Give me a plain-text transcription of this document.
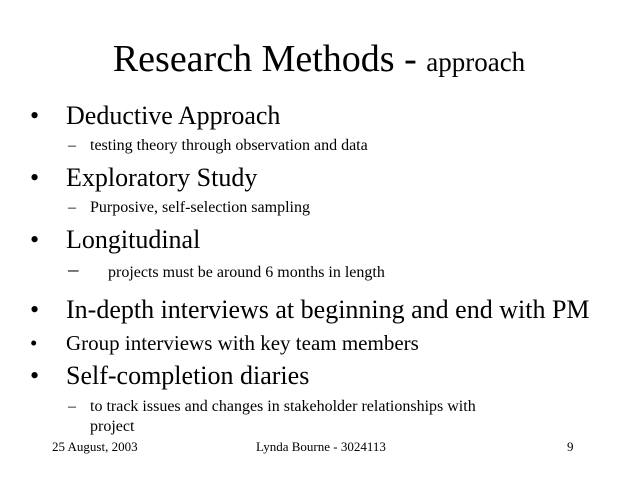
Research Methods - approach
• Deductive Approach
– testing theory through observation and data
• Exploratory Study
– Purposive, self-selection sampling
• Longitudinal
– projects must be around 6 months in length
• In-depth interviews at beginning and end with PM
• Group interviews with key team members
• Self-completion diaries
– to track issues and changes in stakeholder relationships with
project
25 August, 2003	Lynda Bourne - 3024113	9
